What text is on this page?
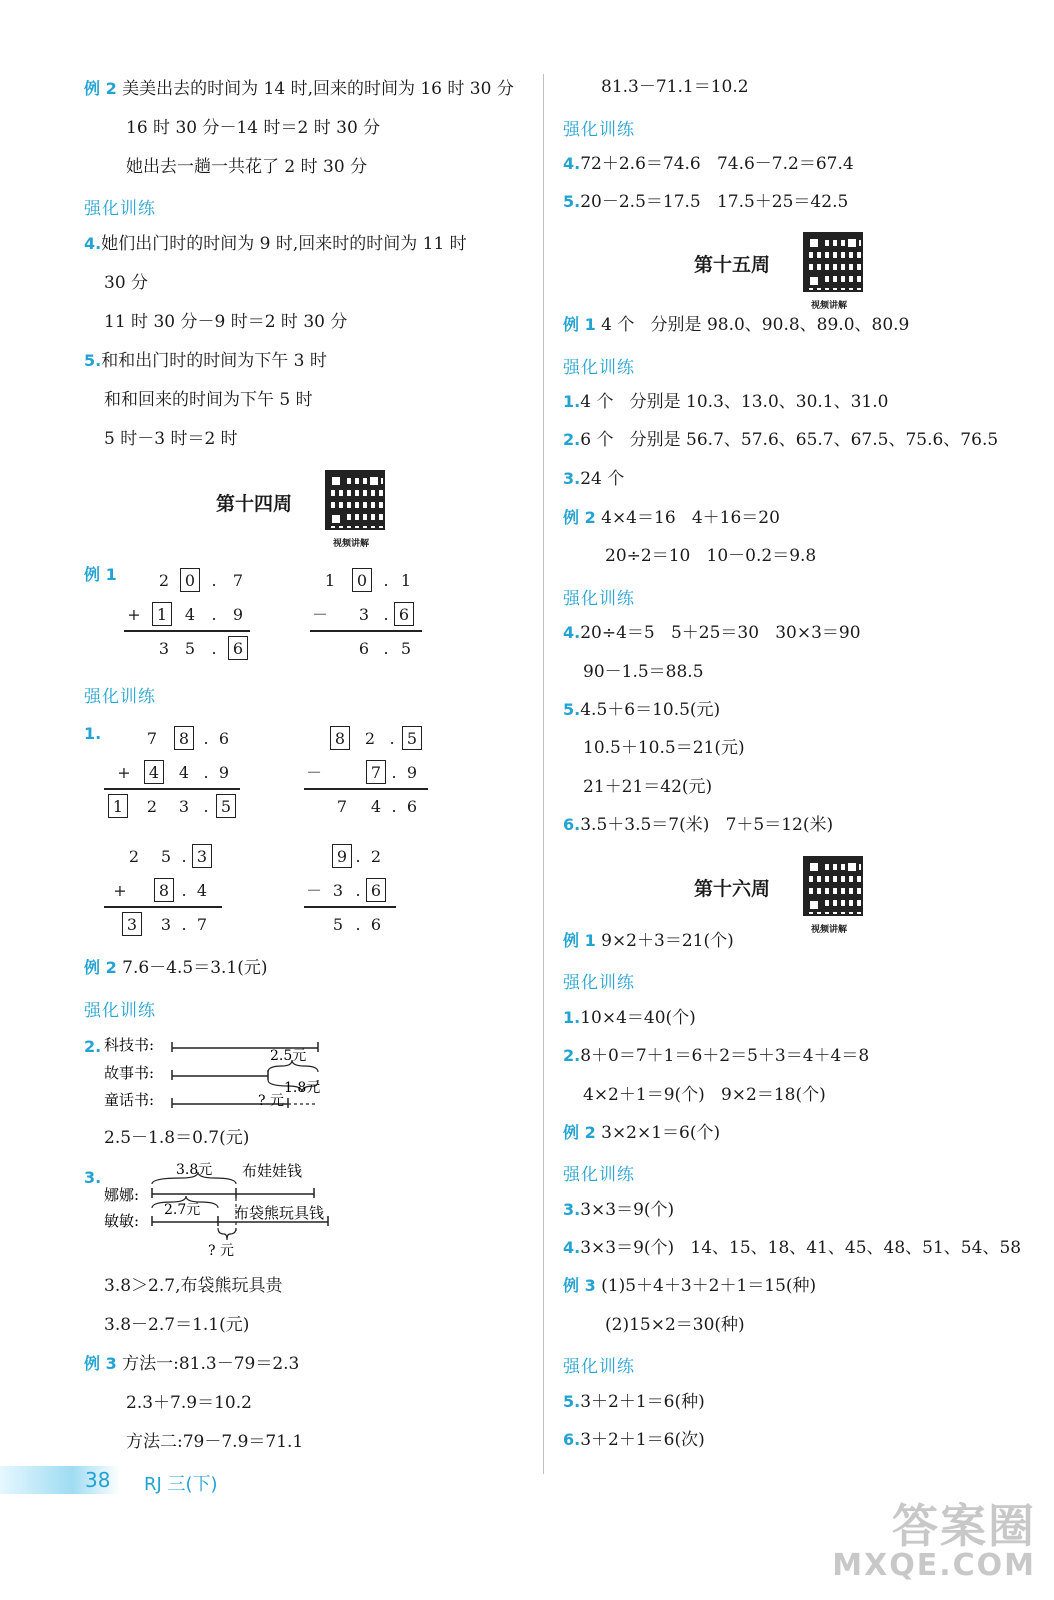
例 2 美美出去的时间为 14 时,回来的时间为 16 时 30 分
16 时 30 分－14 时＝2 时 30 分
她出去一趟一共花了 2 时 30 分
强化训练
4.她们出门时的时间为 9 时,回来时的时间为 11 时
30 分
11 时 30 分－9 时＝2 时 30 分
5.和和出门时的时间为下午 3 时
和和回来的时间为下午 5 时
5 时－3 时＝2 时
第十四周
视频讲解
例 1	2 0	.	7
+	1	4	.	9
3 5	.	6
1	0	. 1
－	3 . 6
6 . 5
强化训练
1.	7	8 . 6
+	4	4 . 9
1	2	3 . 5
8	2 . 5
－	7 . 9
7	4 . 6
2	5 . 3
+	8 . 4
3	3 . 7
9 . 2
－ 3 . 6
5 . 6
例 2 7.6－4.5＝3.1(元)
强化训练
2. 科技书:
故事书:
童话书:
2.5元
1.8元
? 元
2.5－1.8＝0.7(元)
3.
娜娜:
敏敏:
3.8元 布娃娃钱
2.7元 布袋熊玩具钱
? 元
3.8＞2.7,布袋熊玩具贵
3.8－2.7＝1.1(元)
例 3 方法一:81.3－79＝2.3
2.3＋7.9＝10.2
方法二:79－7.9＝71.1
81.3－71.1＝10.2
强化训练
4.72＋2.6＝74.6   74.6－7.2＝67.4
5.20－2.5＝17.5   17.5＋25＝42.5
第十五周
视频讲解
例 1 4 个   分别是 98.0、90.8、89.0、80.9
强化训练
1.4 个   分别是 10.3、13.0、30.1、31.0
2.6 个   分别是 56.7、57.6、65.7、67.5、75.6、76.5
3.24 个
例 2 4×4＝16   4＋16＝20
20÷2＝10   10－0.2＝9.8
强化训练
4.20÷4＝5   5＋25＝30   30×3＝90
90－1.5＝88.5
5.4.5＋6＝10.5(元)
10.5＋10.5＝21(元)
21＋21＝42(元)
6.3.5＋3.5＝7(米)   7＋5＝12(米)
第十六周
视频讲解
例 1 9×2＋3＝21(个)
强化训练
1.10×4＝40(个)
2.8＋0＝7＋1＝6＋2＝5＋3＝4＋4＝8
4×2＋1＝9(个)   9×2＝18(个)
例 2 3×2×1＝6(个)
强化训练
3.3×3＝9(个)
4.3×3＝9(个)   14、15、18、41、45、48、51、54、58
例 3 (1)5＋4＋3＋2＋1＝15(种)
(2)15×2＝30(种)
强化训练
5.3＋2＋1＝6(种)
6.3＋2＋1＝6(次)
38 RJ 三(下)
答案圈
MXQE.COM
